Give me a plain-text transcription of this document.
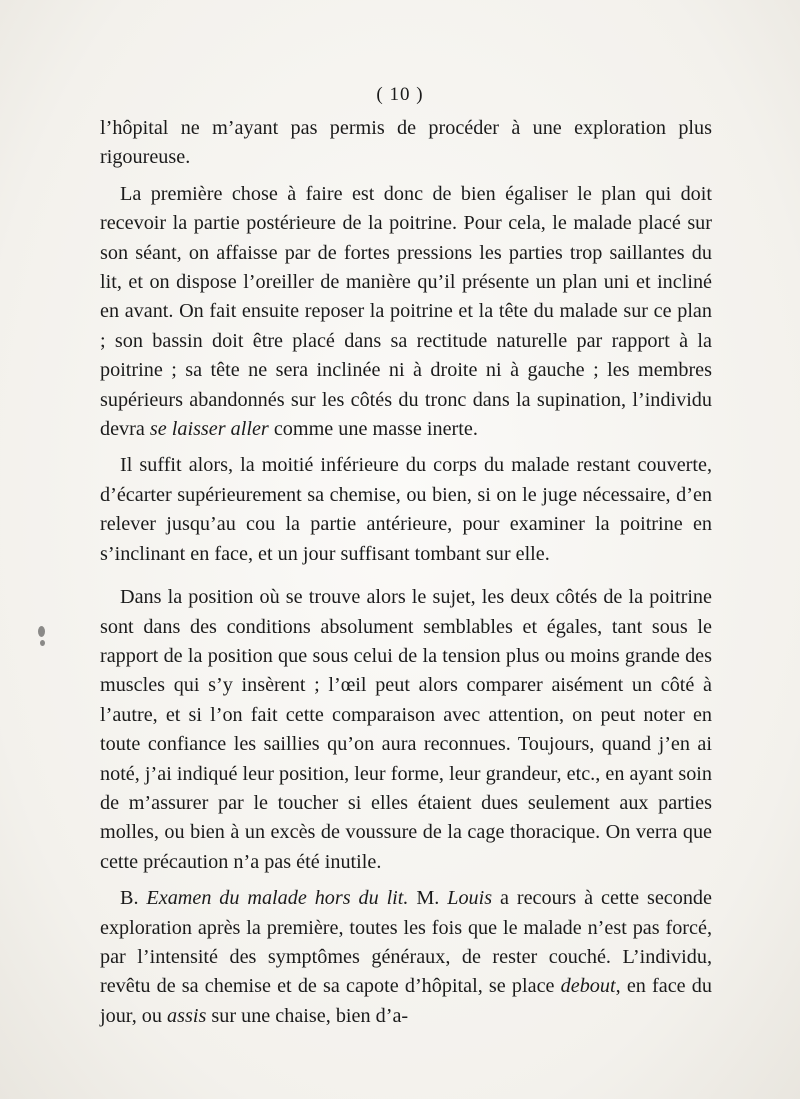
( 10 )

l’hôpital ne m’ayant pas permis de procéder à une exploration plus rigoureuse.

La première chose à faire est donc de bien égaliser le plan qui doit recevoir la partie postérieure de la poitrine. Pour cela, le malade placé sur son séant, on affaisse par de fortes pressions les parties trop saillantes du lit, et on dispose l’oreiller de manière qu’il présente un plan uni et incliné en avant. On fait ensuite reposer la poitrine et la tête du malade sur ce plan ; son bassin doit être placé dans sa rectitude naturelle par rapport à la poitrine ; sa tête ne sera inclinée ni à droite ni à gauche ; les membres supérieurs abandonnés sur les côtés du tronc dans la supination, l’individu devra se laisser aller comme une masse inerte.

Il suffit alors, la moitié inférieure du corps du malade restant couverte, d’écarter supérieurement sa chemise, ou bien, si on le juge nécessaire, d’en relever jusqu’au cou la partie antérieure, pour examiner la poitrine en s’inclinant en face, et un jour suffisant tombant sur elle.

Dans la position où se trouve alors le sujet, les deux côtés de la poitrine sont dans des conditions absolument semblables et égales, tant sous le rapport de la position que sous celui de la tension plus ou moins grande des muscles qui s’y insèrent ; l’œil peut alors comparer aisément un côté à l’autre, et si l’on fait cette comparaison avec attention, on peut noter en toute confiance les saillies qu’on aura reconnues. Toujours, quand j’en ai noté, j’ai indiqué leur position, leur forme, leur grandeur, etc., en ayant soin de m’assurer par le toucher si elles étaient dues seulement aux parties molles, ou bien à un excès de voussure de la cage thoracique. On verra que cette précaution n’a pas été inutile.

B. Examen du malade hors du lit. M. Louis a recours à cette seconde exploration après la première, toutes les fois que le malade n’est pas forcé, par l’intensité des symptômes généraux, de rester couché. L’individu, revêtu de sa chemise et de sa capote d’hôpital, se place debout, en face du jour, ou assis sur une chaise, bien d’a-
